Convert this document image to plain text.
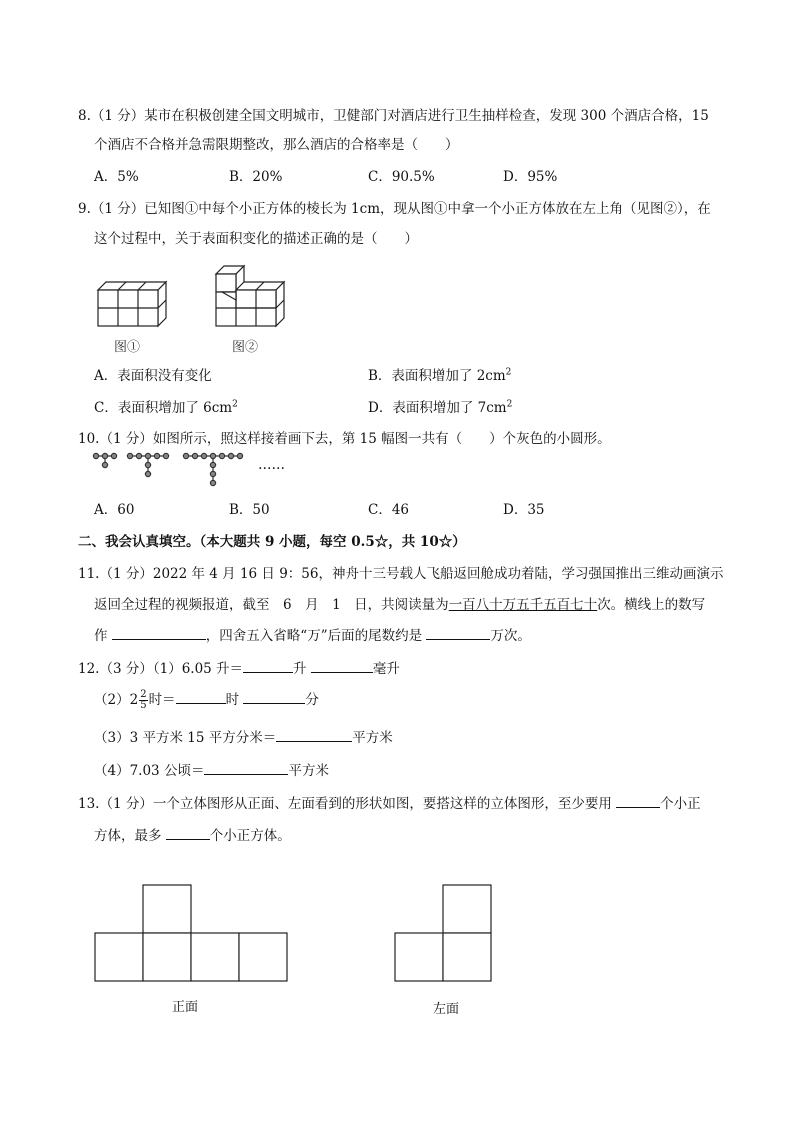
8.（1 分）某市在积极创建全国文明城市，卫健部门对酒店进行卫生抽样检查，发现 300 个酒店合格，15
个酒店不合格并急需限期整改，那么酒店的合格率是（　　）
A．5%	B．20%	C．90.5%	D．95%
9.（1 分）已知图①中每个小正方体的棱长为 1cm，现从图①中拿一个小正方体放在左上角（见图②），在
这个过程中，关于表面积变化的描述正确的是（　　）
图①	图②
A．表面积没有变化	B．表面积增加了 $2cm^2$
C．表面积增加了 $6cm^2$	D．表面积增加了 $7cm^2$
10.（1 分）如图所示，照这样接着画下去，第 15 幅图一共有（　　）个灰色的小圆形。
……
A．60	B．50	C．46	D．35
二、我会认真填空。（本大题共 9 小题，每空 0.5☆，共 10☆）
11.（1 分）2022 年 4 月 16 日 9：56，神舟十三号载人飞船返回舱成功着陆，学习强国推出三维动画演示
返回全过程的视频报道，截至　6　月　1　日，共阅读量为一百八十万五千五百七十次。横线上的数写
作	，四舍五入省略“万”后面的尾数约是	万次。
12.（3 分）（1）6.05 升＝	升	毫升
$(2)2 \frac{2}{5}$ 时＝	时	分
（3）3 平方米 15 平方分米＝	平方米
（4）7.03 公顷＝	平方米
13.（1 分）一个立体图形从正面、左面看到的形状如图，要搭这样的立体图形，至少要用	个小正
方体，最多	个小正方体。
正面	左面
